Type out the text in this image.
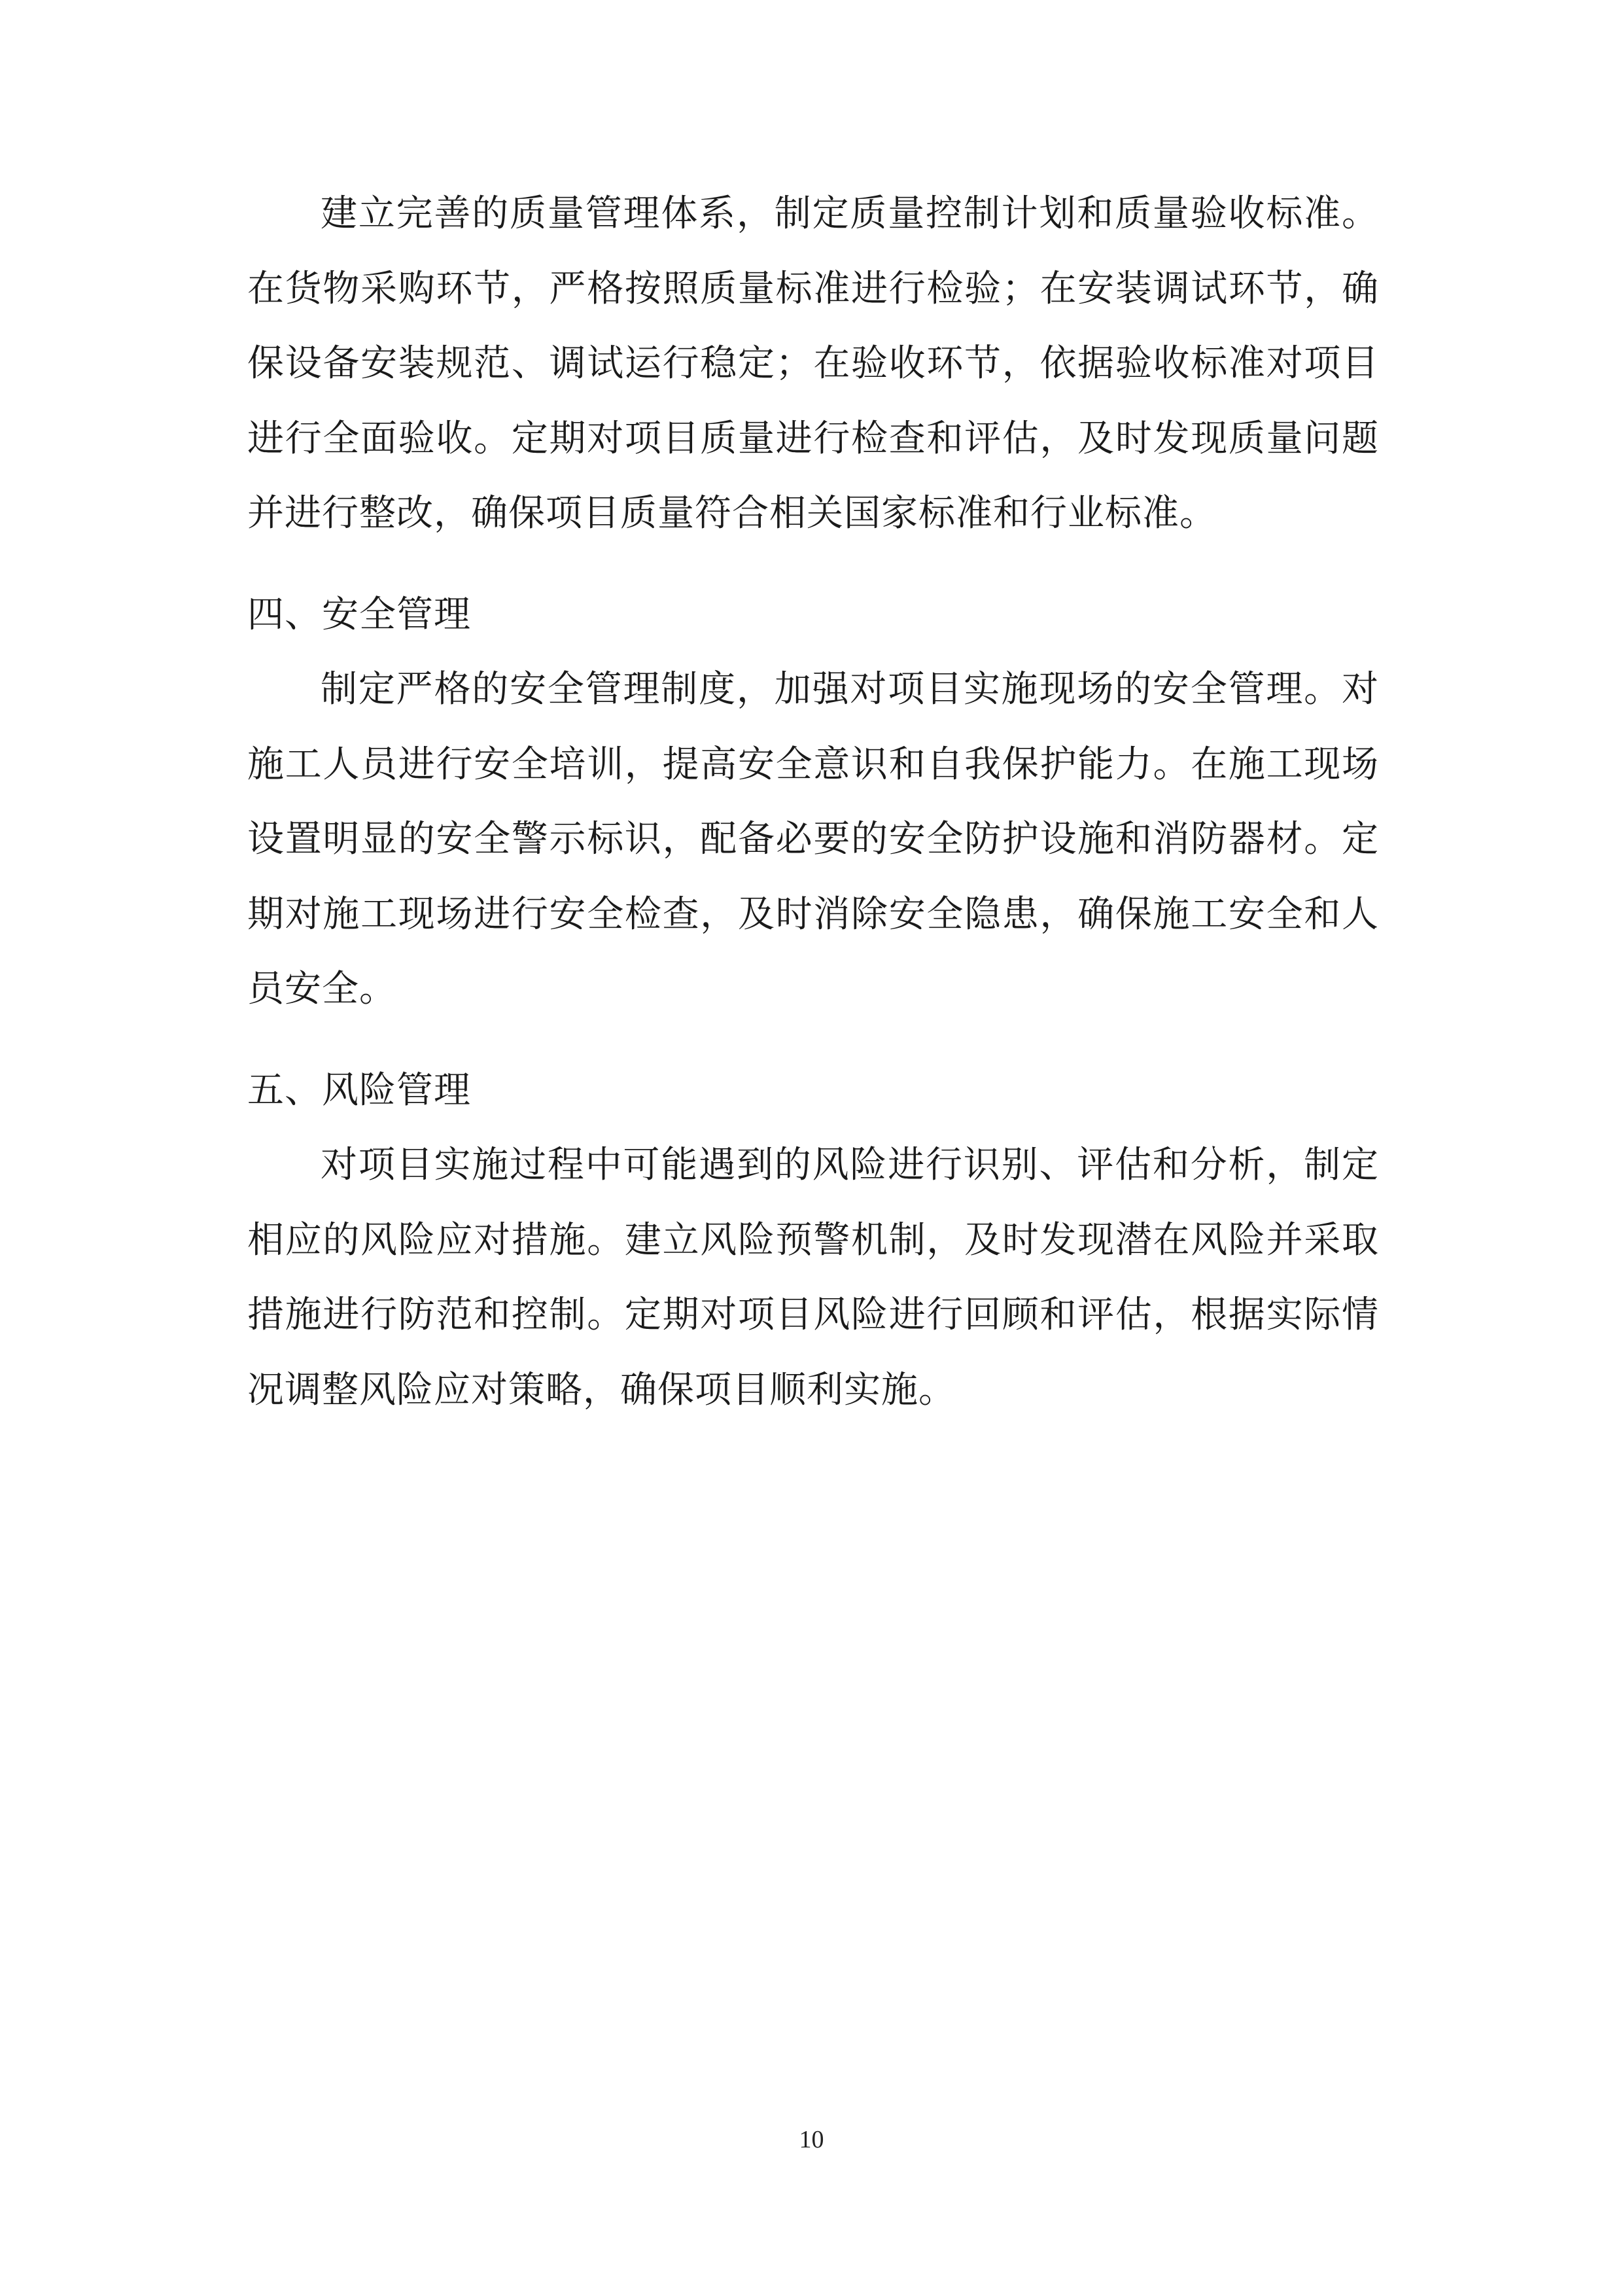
建立完善的质量管理体系，制定质量控制计划和质量验收标准。在货物采购环节，严格按照质量标准进行检验；在安装调试环节，确保设备安装规范、调试运行稳定；在验收环节，依据验收标准对项目进行全面验收。定期对项目质量进行检查和评估，及时发现质量问题并进行整改，确保项目质量符合相关国家标准和行业标准。

四、安全管理

制定严格的安全管理制度，加强对项目实施现场的安全管理。对施工人员进行安全培训，提高安全意识和自我保护能力。在施工现场设置明显的安全警示标识，配备必要的安全防护设施和消防器材。定期对施工现场进行安全检查，及时消除安全隐患，确保施工安全和人员安全。

五、风险管理

对项目实施过程中可能遇到的风险进行识别、评估和分析，制定相应的风险应对措施。建立风险预警机制，及时发现潜在风险并采取措施进行防范和控制。定期对项目风险进行回顾和评估，根据实际情况调整风险应对策略，确保项目顺利实施。

10
